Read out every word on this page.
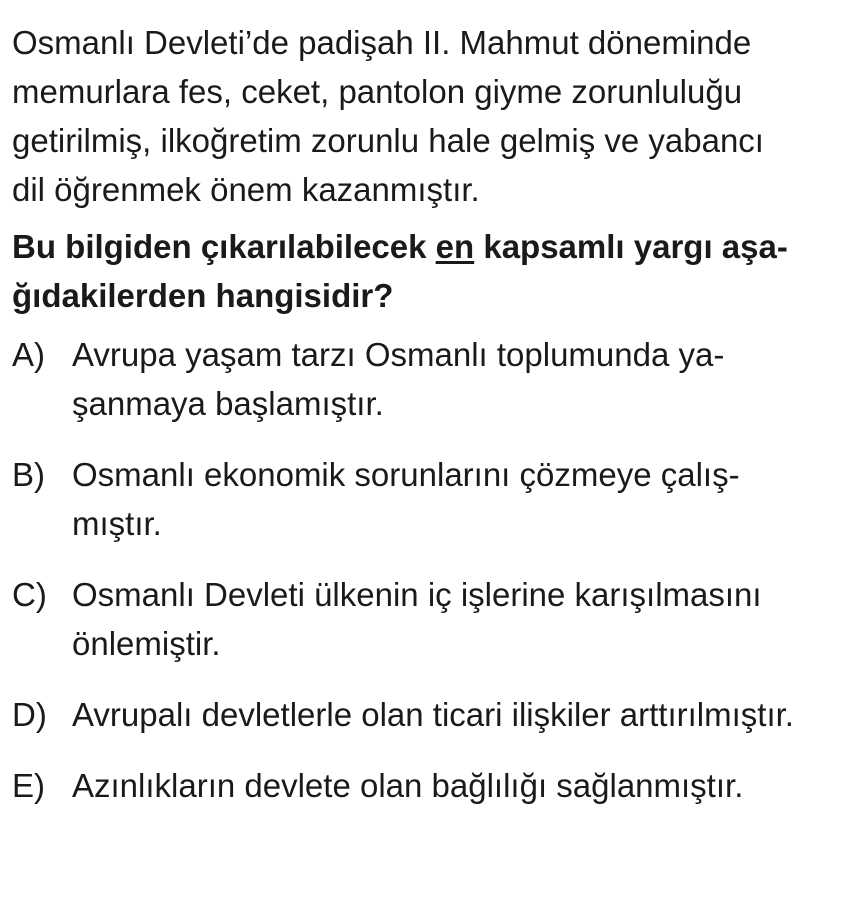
Osmanlı Devleti’de padişah II. Mahmut döneminde
memurlara fes, ceket, pantolon giyme zorunluluğu
getirilmiş, ilkoğretim zorunlu hale gelmiş ve yabancı
dil öğrenmek önem kazanmıştır.

Bu bilgiden çıkarılabilecek en kapsamlı yargı aşa-
ğıdakilerden hangisidir?

A) Avrupa yaşam tarzı Osmanlı toplumunda ya-
şanmaya başlamıştır.
B) Osmanlı ekonomik sorunlarını çözmeye çalış-
mıştır.
C) Osmanlı Devleti ülkenin iç işlerine karışılmasını
önlemiştir.
D) Avrupalı devletlerle olan ticari ilişkiler arttırılmıştır.
E) Azınlıkların devlete olan bağlılığı sağlanmıştır.
